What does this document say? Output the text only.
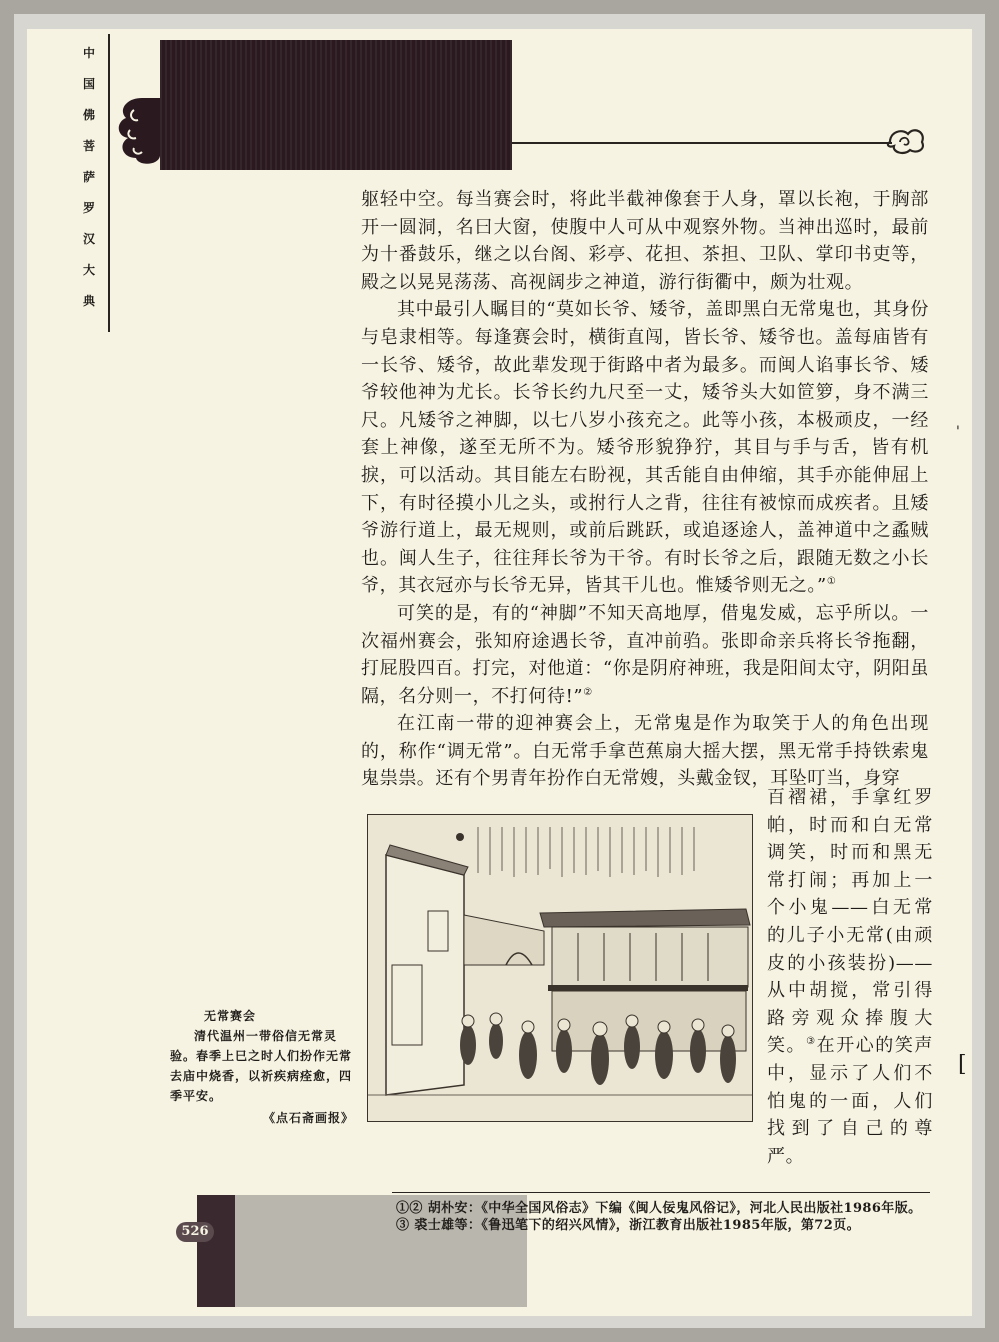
中
国
佛
菩
萨
罗
汉
大
典

躯轻中空。每当赛会时，将此半截神像套于人身，罩以长袍，于胸部开一圆洞，名曰大窗，使腹中人可从中观察外物。当神出巡时，最前为十番鼓乐，继之以台阁、彩亭、花担、茶担、卫队、掌印书吏等，殿之以晃晃荡荡、高视阔步之神道，游行街衢中，颇为壮观。

其中最引人瞩目的“莫如长爷、矮爷，盖即黑白无常鬼也，其身份与皂隶相等。每逢赛会时，横街直闯，皆长爷、矮爷也。盖每庙皆有一长爷、矮爷，故此辈发现于街路中者为最多。而闽人谄事长爷、矮爷较他神为尤长。长爷长约九尺至一丈，矮爷头大如笸箩，身不满三尺。凡矮爷之神脚，以七八岁小孩充之。此等小孩，本极顽皮，一经套上神像，遂至无所不为。矮爷形貌狰狞，其目与手与舌，皆有机捩，可以活动。其目能左右盼视，其舌能自由伸缩，其手亦能伸屈上下，有时径摸小儿之头，或拊行人之背，往往有被惊而成疾者。且矮爷游行道上，最无规则，或前后跳跃，或追逐途人，盖神道中之蟊贼也。闽人生子，往往拜长爷为干爷。有时长爷之后，跟随无数之小长爷，其衣冠亦与长爷无异，皆其干儿也。惟矮爷则无之。”①

可笑的是，有的“神脚”不知天高地厚，借鬼发威，忘乎所以。一次福州赛会，张知府途遇长爷，直冲前驺。张即命亲兵将长爷拖翻，打屁股四百。打完，对他道：“你是阴府神班，我是阳间太守，阴阳虽隔，名分则一，不打何待!”②

在江南一带的迎神赛会上，无常鬼是作为取笑于人的角色出现的，称作“调无常”。白无常手拿芭蕉扇大摇大摆，黑无常手持铁索鬼鬼祟祟。还有个男青年扮作白无常嫂，头戴金钗，耳坠叮当，身穿

百褶裙，手拿红罗帕，时而和白无常调笑，时而和黑无常打闹；再加上一个小鬼——白无常的儿子小无常(由顽皮的小孩装扮)——从中胡搅，常引得路旁观众捧腹大笑。③在开心的笑声中，显示了人们不怕鬼的一面，人们找到了自己的尊严。
无常赛会
清代温州一带俗信无常灵验。春季上巳之时人们扮作无常去庙中烧香，以祈疾病痊愈，四季平安。
《点石斋画报》
526
①② 胡朴安：《中华全国风俗志》下编《闽人佞鬼风俗记》，河北人民出版社1986年版。
③ 裘士雄等：《鲁迅笔下的绍兴风情》，浙江教育出版社1985年版，第72页。
'
[
